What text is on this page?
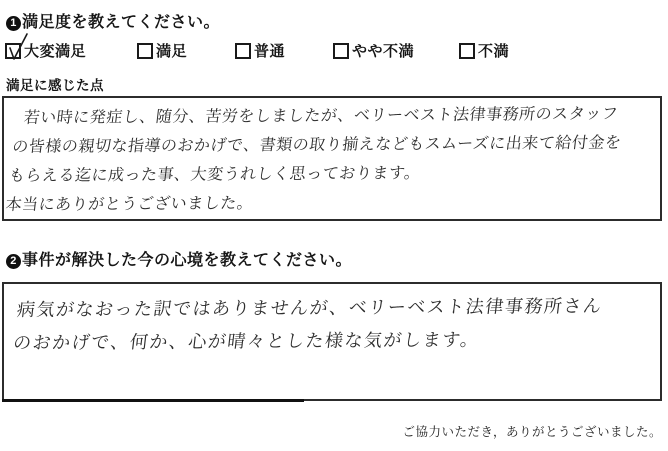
1 満足度を教えてください。
大変満足	満足	普通	やや不満	不満
満足に感じた点
若い時に発症し、随分、苦労をしましたが、ベリーベスト法律事務所のスタッフ
の皆様の親切な指導のおかげで、書類の取り揃えなどもスムーズに出来て給付金を
もらえる迄に成った事、大変うれしく思っております。
本当にありがとうございました。
2 事件が解決した今の心境を教えてください。
病気がなおった訳ではありませんが、ベリーベスト法律事務所さん
のおかげで、何か、心が晴々とした様な気がします。
ご協力いただき，ありがとうございました。
